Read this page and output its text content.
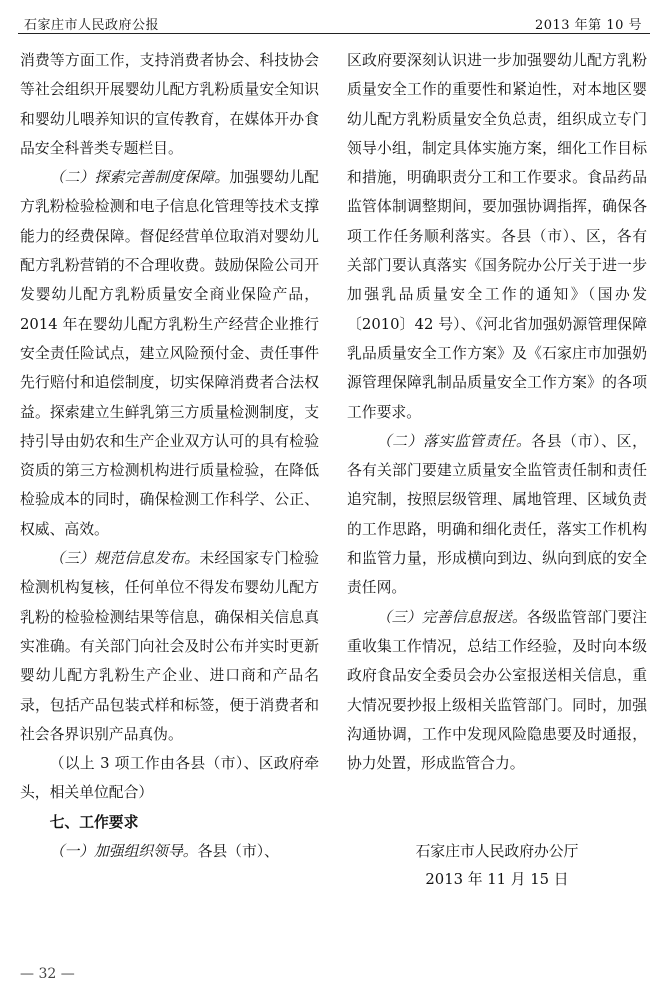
石家庄市人民政府公报	2013 年第 10 号

消费等方面工作，支持消费者协会、科技协会等社会组织开展婴幼儿配方乳粉质量安全知识和婴幼儿喂养知识的宣传教育，在媒体开办食品安全科普类专题栏目。

（二）探索完善制度保障。加强婴幼儿配方乳粉检验检测和电子信息化管理等技术支撑能力的经费保障。督促经营单位取消对婴幼儿配方乳粉营销的不合理收费。鼓励保险公司开发婴幼儿配方乳粉质量安全商业保险产品，2014 年在婴幼儿配方乳粉生产经营企业推行安全责任险试点，建立风险预付金、责任事件先行赔付和追偿制度，切实保障消费者合法权益。探索建立生鲜乳第三方质量检测制度，支持引导由奶农和生产企业双方认可的具有检验资质的第三方检测机构进行质量检验，在降低检验成本的同时，确保检测工作科学、公正、权威、高效。

（三）规范信息发布。未经国家专门检验检测机构复核，任何单位不得发布婴幼儿配方乳粉的检验检测结果等信息，确保相关信息真实准确。有关部门向社会及时公布并实时更新婴幼儿配方乳粉生产企业、进口商和产品名录，包括产品包装式样和标签，便于消费者和社会各界识别产品真伪。

（以上 3 项工作由各县（市）、区政府牵头，相关单位配合）

七、工作要求

（一）加强组织领导。各县（市）、

区政府要深刻认识进一步加强婴幼儿配方乳粉质量安全工作的重要性和紧迫性，对本地区婴幼儿配方乳粉质量安全负总责，组织成立专门领导小组，制定具体实施方案，细化工作目标和措施，明确职责分工和工作要求。食品药品监管体制调整期间，要加强协调指挥，确保各项工作任务顺利落实。各县（市）、区，各有关部门要认真落实《国务院办公厅关于进一步加强乳品质量安全工作的通知》（国办发〔2010〕42 号）、《河北省加强奶源管理保障乳品质量安全工作方案》及《石家庄市加强奶源管理保障乳制品质量安全工作方案》的各项工作要求。

（二）落实监管责任。各县（市）、区，各有关部门要建立质量安全监管责任制和责任追究制，按照层级管理、属地管理、区域负责的工作思路，明确和细化责任，落实工作机构和监管力量，形成横向到边、纵向到底的安全责任网。

（三）完善信息报送。各级监管部门要注重收集工作情况，总结工作经验，及时向本级政府食品安全委员会办公室报送相关信息，重大情况要抄报上级相关监管部门。同时，加强沟通协调，工作中发现风险隐患要及时通报，协力处置，形成监管合力。

石家庄市人民政府办公厅
2013 年 11 月 15 日
— 32 —
